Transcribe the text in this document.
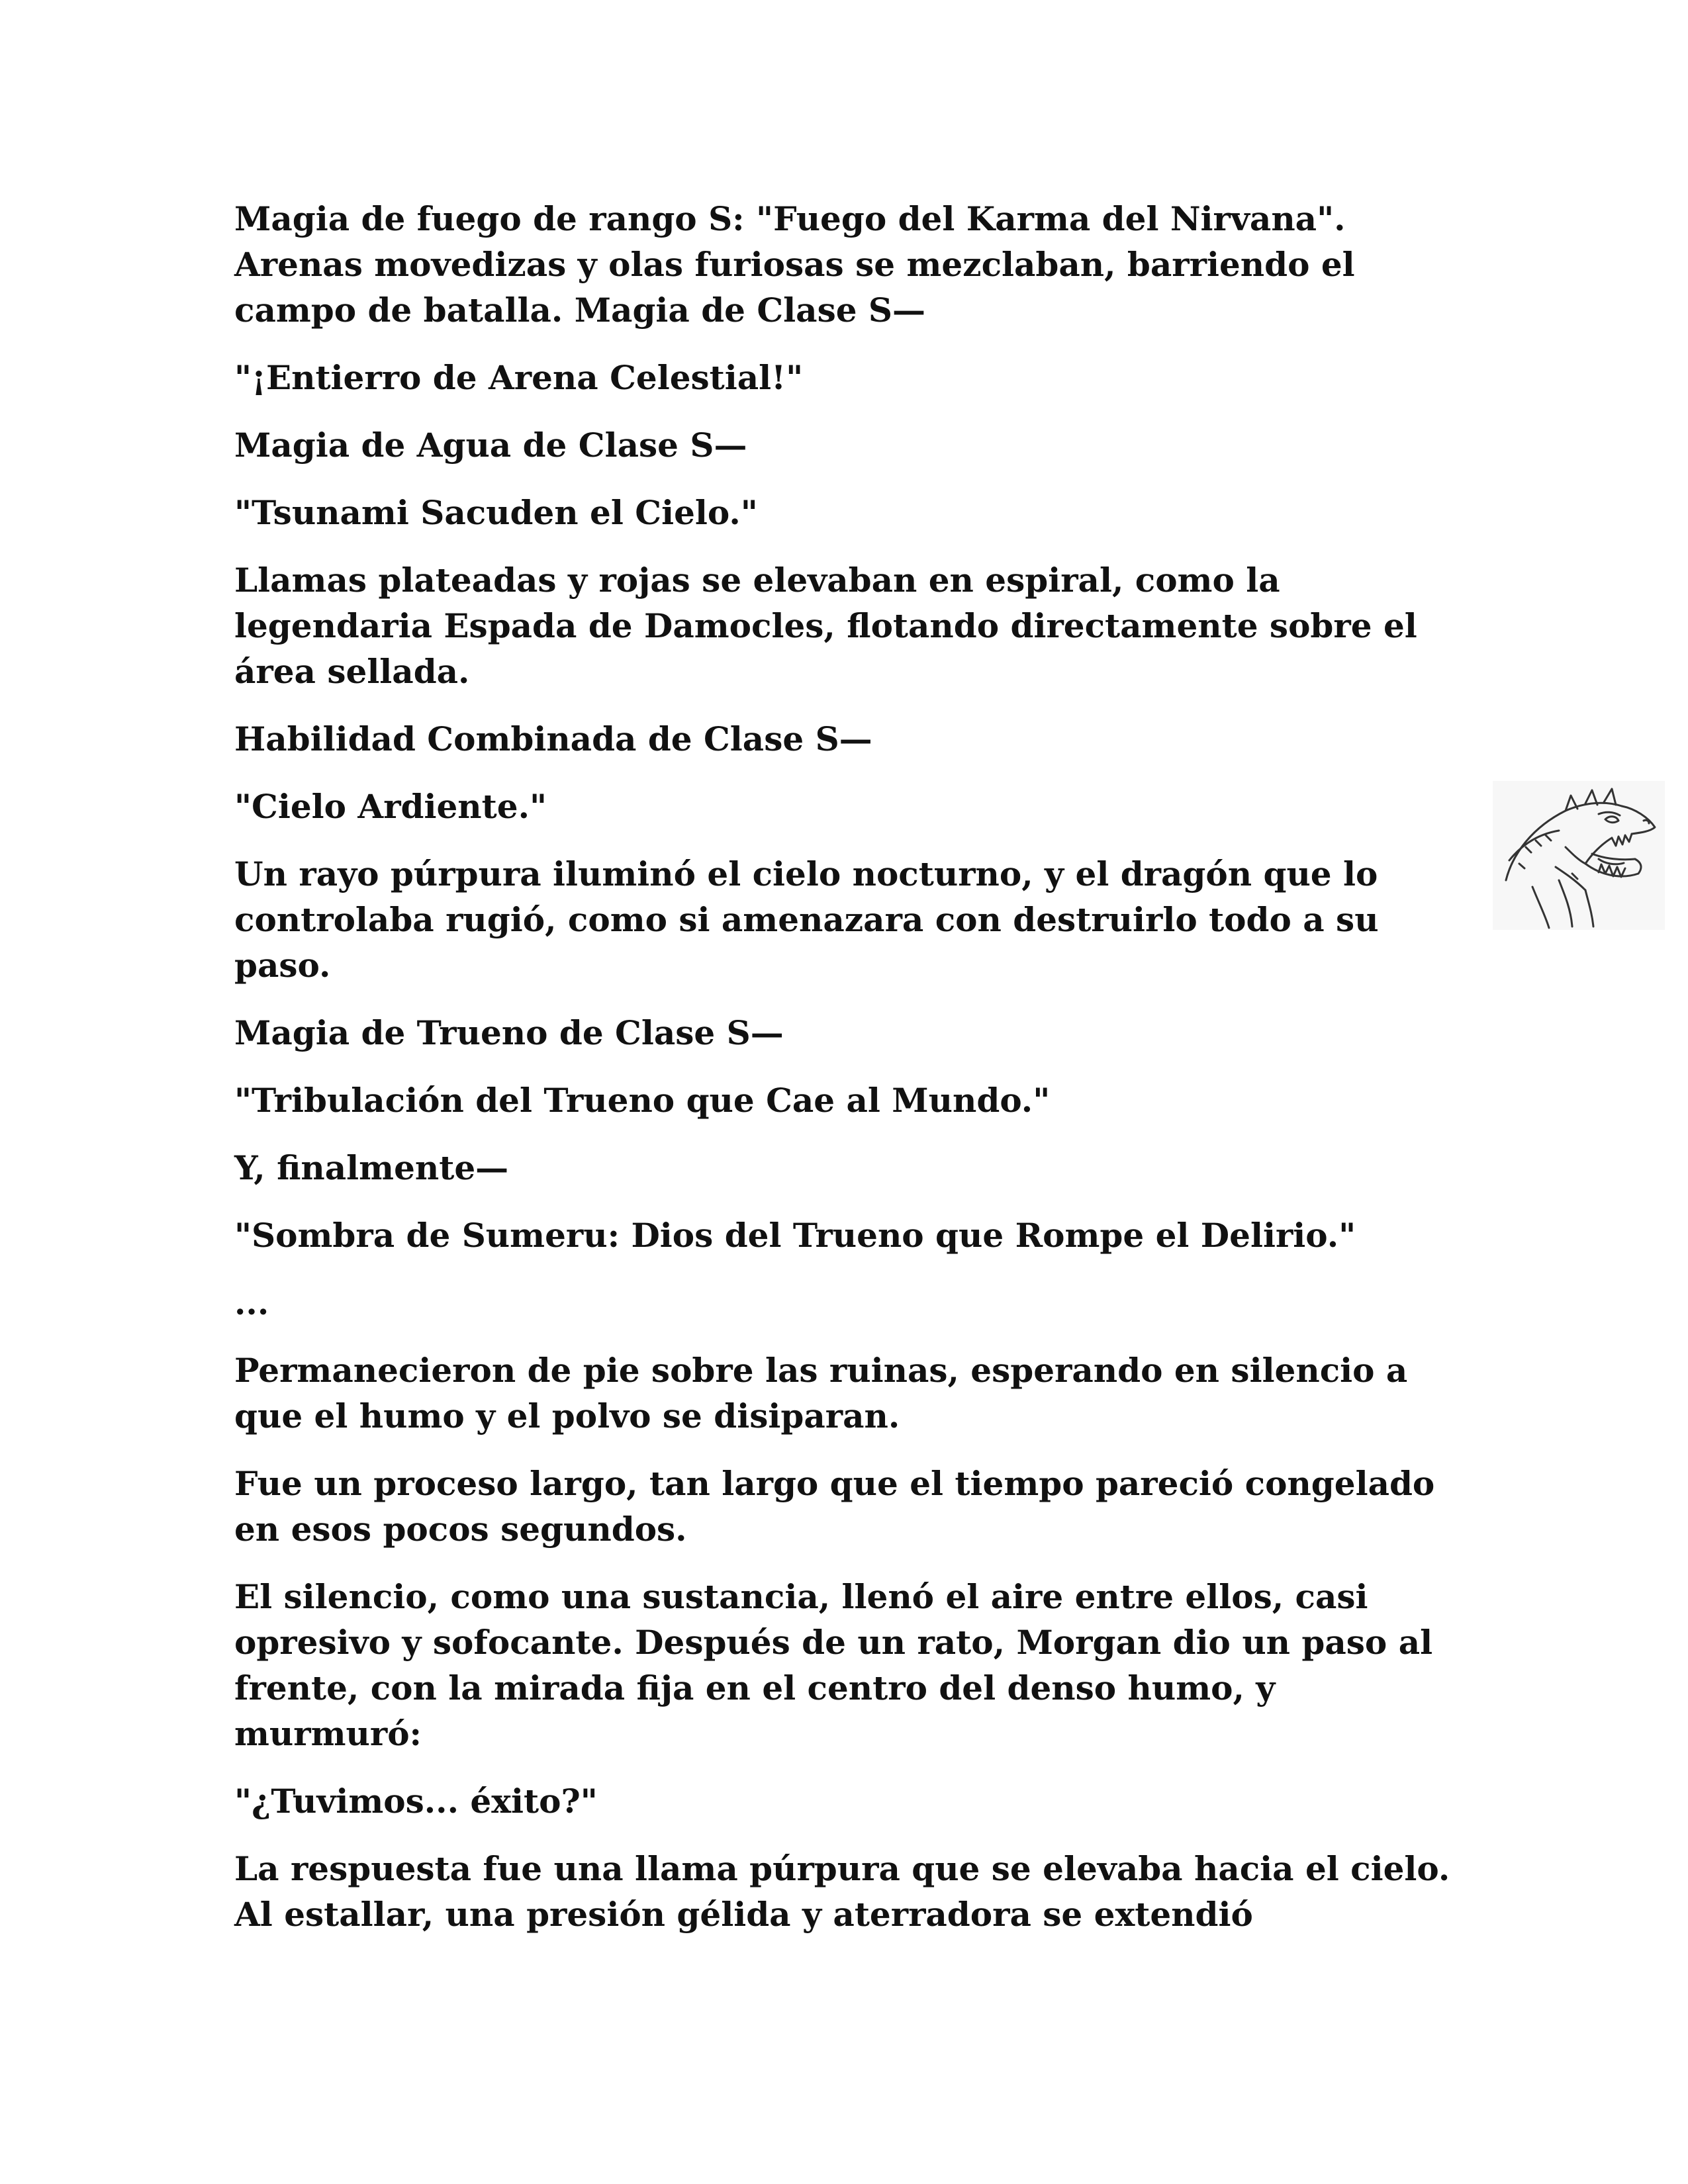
Magia de fuego de rango S: "Fuego del Karma del Nirvana". Arenas movedizas y olas furiosas se mezclaban, barriendo el campo de batalla. Magia de Clase S—

"¡Entierro de Arena Celestial!"

Magia de Agua de Clase S—

"Tsunami Sacuden el Cielo."

Llamas plateadas y rojas se elevaban en espiral, como la legendaria Espada de Damocles, flotando directamente sobre el área sellada.

Habilidad Combinada de Clase S—

"Cielo Ardiente."

Un rayo púrpura iluminó el cielo nocturno, y el dragón que lo controlaba rugió, como si amenazara con destruirlo todo a su paso.

Magia de Trueno de Clase S—

"Tribulación del Trueno que Cae al Mundo."

Y, finalmente—

"Sombra de Sumeru: Dios del Trueno que Rompe el Delirio."

...

Permanecieron de pie sobre las ruinas, esperando en silencio a que el humo y el polvo se disiparan.

Fue un proceso largo, tan largo que el tiempo pareció congelado en esos pocos segundos.

El silencio, como una sustancia, llenó el aire entre ellos, casi opresivo y sofocante. Después de un rato, Morgan dio un paso al frente, con la mirada fija en el centro del denso humo, y murmuró:

"¿Tuvimos... éxito?"

La respuesta fue una llama púrpura que se elevaba hacia el cielo. Al estallar, una presión gélida y aterradora se extendió
